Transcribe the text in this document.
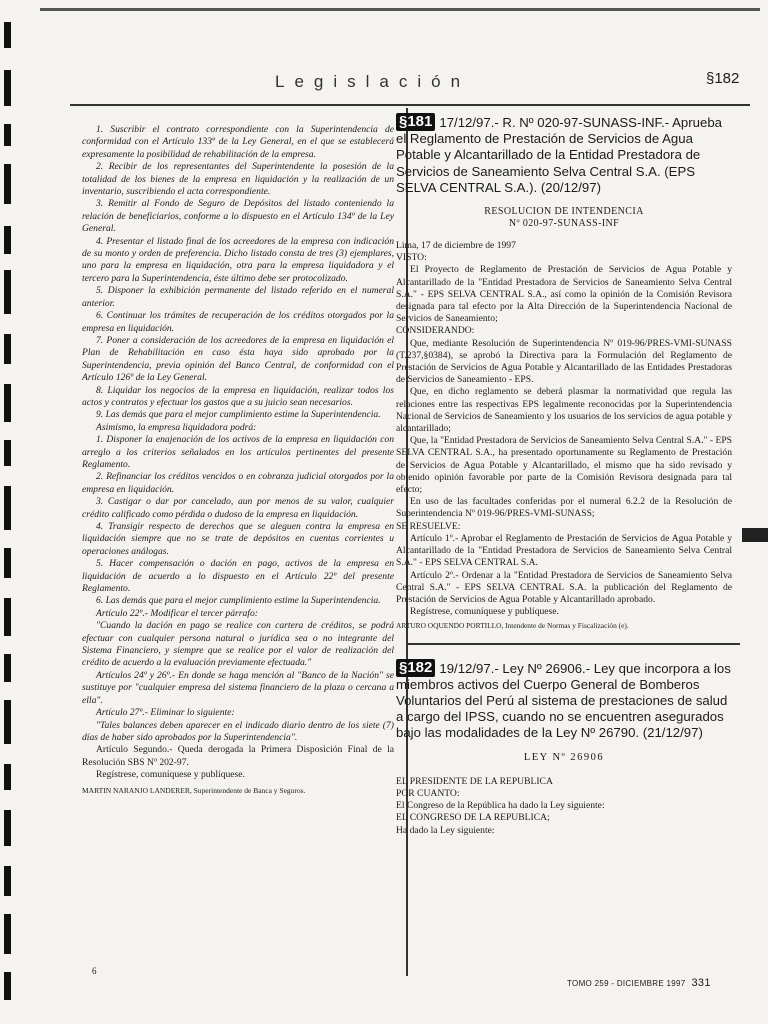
Legislación	§182

1. Suscribir el contrato correspondiente con la Superintendencia de conformidad con el Artículo 133º de la Ley General, en el que se establecerá expresamente la posibilidad de rehabilitación de la empresa.

2. Recibir de los representantes del Superintendente la posesión de la totalidad de los bienes de la empresa en liquidación y la realización de un inventario, suscribiendo el acta correspondiente.

3. Remitir al Fondo de Seguro de Depósitos del listado conteniendo la relación de beneficiarios, conforme a lo dispuesto en el Artículo 134º de la Ley General.

4. Presentar el listado final de los acreedores de la empresa con indicación de su monto y orden de preferencia. Dicho listado consta de tres (3) ejemplares, uno para la empresa en liquidación, otra para la empresa liquidadora y el tercero para la Superintendencia, éste último debe ser protocolizado.

5. Disponer la exhibición permanente del listado referido en el numeral anterior.

6. Continuar los trámites de recuperación de los créditos otorgados por la empresa en liquidación.

7. Poner a consideración de los acreedores de la empresa en liquidación el Plan de Rehabilitación en caso ésta haya sido aprobado por la Superintendencia, previa opinión del Banco Central, de conformidad con el Artículo 126º de la Ley General.

8. Liquidar los negocios de la empresa en liquidación, realizar todos los actos y contratos y efectuar los gastos que a su juicio sean necesarios.

9. Las demás que para el mejor cumplimiento estime la Superintendencia.

Asimismo, la empresa liquidadora podrá:

1. Disponer la enajenación de los activos de la empresa en liquidación con arreglo a los criterios señalados en los artículos pertinentes del presente Reglamento.

2. Refinanciar los créditos vencidos o en cobranza judicial otorgados por la empresa en liquidación.

3. Castigar o dar por cancelado, aun por menos de su valor, cualquier crédito calificado como pérdida o dudoso de la empresa en liquidación.

4. Transigir respecto de derechos que se aleguen contra la empresa en liquidación siempre que no se trate de depósitos en cuentas corrientes u operaciones análogas.

5. Hacer compensación o dación en pago, activos de la empresa en liquidación de acuerdo a lo dispuesto en el Artículo 22º del presente Reglamento.

6. Las demás que para el mejor cumplimiento estime la Superintendencia.

Artículo 22º.- Modificar el tercer párrafo:

"Cuando la dación en pago se realice con cartera de créditos, se podrá efectuar con cualquier persona natural o jurídica sea o no integrante del Sistema Financiero, y siempre que se realice por el valor de realización del crédito de acuerdo a la evaluación previamente efectuada."

Artículos 24º y 26º.- En donde se haga mención al "Banco de la Nación" se sustituye por "cualquier empresa del sistema financiero de la plaza o cercana a ella".

Artículo 27º.- Eliminar lo siguiente:

"Tales balances deben aparecer en el indicado diario dentro de los siete (7) días de haber sido aprobados por la Superintendencia".

Artículo Segundo.- Queda derogada la Primera Disposición Final de la Resolución SBS Nº 202-97.

Regístrese, comuníquese y publíquese.

MARTIN NARANJO LANDERER, Superintendente de Banca y Seguros.

6
§181 17/12/97.- R. Nº 020-97-SUNASS-INF.- Aprueba el Reglamento de Prestación de Servicios de Agua Potable y Alcantarillado de la Entidad Prestadora de Servicios de Saneamiento Selva Central S.A. (EPS SELVA CENTRAL S.A.). (20/12/97)
RESOLUCION DE INTENDENCIA
Nº 020-97-SUNASS-INF

Lima, 17 de diciembre de 1997

VISTO:

El Proyecto de Reglamento de Prestación de Servicios de Agua Potable y Alcantarillado de la "Entidad Prestadora de Servicios de Saneamiento Selva Central S.A." - EPS SELVA CENTRAL S.A., así como la opinión de la Comisión Revisora designada para tal efecto por la Alta Dirección de la Superintendencia Nacional de Servicios de Saneamiento;

CONSIDERANDO:

Que, mediante Resolución de Superintendencia Nº 019-96/PRES-VMI-SUNASS (T.237,§0384), se aprobó la Directiva para la Formulación del Reglamento de Prestación de Servicios de Agua Potable y Alcantarillado de las Entidades Prestadoras de Servicios de Saneamiento - EPS.

Que, en dicho reglamento se deberá plasmar la normatividad que regula las relaciones entre las respectivas EPS legalmente reconocidas por la Superintendencia Nacional de Servicios de Saneamiento y los usuarios de los servicios de agua potable y alcantarillado;

Que, la "Entidad Prestadora de Servicios de Saneamiento Selva Central S.A." - EPS SELVA CENTRAL S.A., ha presentado oportunamente su Reglamento de Prestación de Servicios de Agua Potable y Alcantarillado, el mismo que ha sido revisado y obtenido opinión favorable por parte de la Comisión Revisora designada para tal efecto;

En uso de las facultades conferidas por el numeral 6.2.2 de la Resolución de Superintendencia Nº 019-96/PRES-VMI-SUNASS;

SE RESUELVE:

Artículo 1º.- Aprobar el Reglamento de Prestación de Servicios de Agua Potable y Alcantarillado de la "Entidad Prestadora de Servicios de Saneamiento Selva Central S.A." - EPS SELVA CENTRAL S.A.

Artículo 2º.- Ordenar a la "Entidad Prestadora de Servicios de Saneamiento Selva Central S.A." - EPS SELVA CENTRAL S.A. la publicación del Reglamento de Prestación de Servicios de Agua Potable y Alcantarillado aprobado.

Regístrese, comuníquese y publíquese.

ARTURO OQUENDO PORTILLO, Intendente de Normas y Fiscalización (e).

§182 19/12/97.- Ley Nº 26906.- Ley que incorpora a los miembros activos del Cuerpo General de Bomberos Voluntarios del Perú al sistema de prestaciones de salud a cargo del IPSS, cuando no se encuentren asegurados bajo las modalidades de la Ley Nº 26790. (21/12/97)
LEY Nº 26906

EL PRESIDENTE DE LA REPUBLICA

POR CUANTO:

El Congreso de la República ha dado la Ley siguiente:

EL CONGRESO DE LA REPUBLICA;

Ha dado la Ley siguiente:

TOMO 259 - DICIEMBRE 1997 331
